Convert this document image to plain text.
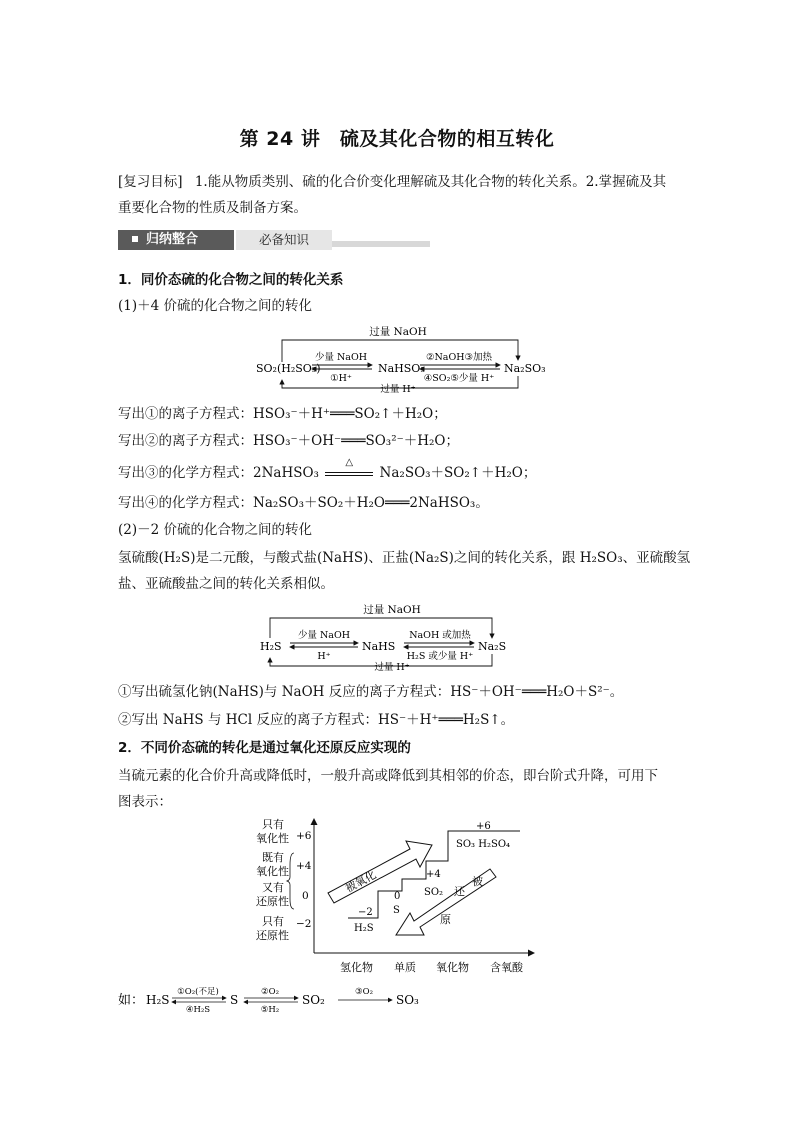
第 24 讲　硫及其化合物的相互转化
[复习目标] 1.能从物质类别、硫的化合价变化理解硫及其化合物的转化关系。2.掌握硫及其
重要化合物的性质及制备方案。
归纳整合	必备知识
1．同价态硫的化合物之间的转化关系
(1)＋4 价硫的化合物之间的转化
过量 NaOH
SO₂(H₂SO₃)	NaHSO₃	Na₂SO₃
少量 NaOH
①H⁺
②NaOH③加热
④SO₂⑤少量 H⁺
过量 H⁺
写出①的离子方程式：HSO₃⁻＋H⁺═══SO₂↑＋H₂O；
写出②的离子方程式：HSO₃⁻＋OH⁻═══SO₃²⁻＋H₂O；
写出③的化学方程式：2NaHSO₃
△
Na₂SO₃＋SO₂↑＋H₂O；
写出④的化学方程式：Na₂SO₃＋SO₂＋H₂O═══2NaHSO₃。
(2)－2 价硫的化合物之间的转化
氢硫酸(H₂S)是二元酸，与酸式盐(NaHS)、正盐(Na₂S)之间的转化关系，跟 H₂SO₃、亚硫酸氢
盐、亚硫酸盐之间的转化关系相似。
过量 NaOH
H₂S	NaHS	Na₂S
少量 NaOH
H⁺
NaOH 或加热
H₂S 或少量 H⁺
过量 H⁺
①写出硫氢化钠(NaHS)与 NaOH 反应的离子方程式：HS⁻＋OH⁻═══H₂O＋S²⁻。
②写出 NaHS 与 HCl 反应的离子方程式：HS⁻＋H⁺═══H₂S↑。
2．不同价态硫的转化是通过氧化还原反应实现的
当硫元素的化合价升高或降低时，一般升高或降低到其相邻的价态，即台阶式升降，可用下
图表示：
只有
氧化性
既有
氧化性
又有
还原性
只有
还原性
+6
+4
0
−2
−2
H₂S
0
S
+4
SO₂
+6
SO₃ H₂SO₄
被氧化	还
原
被
氢化物 单质 氧化物 含氧酸
如： H₂S
①O₂(不足)
④H₂S
S
②O₂
⑤H₂
SO₂
③O₂
SO₃
